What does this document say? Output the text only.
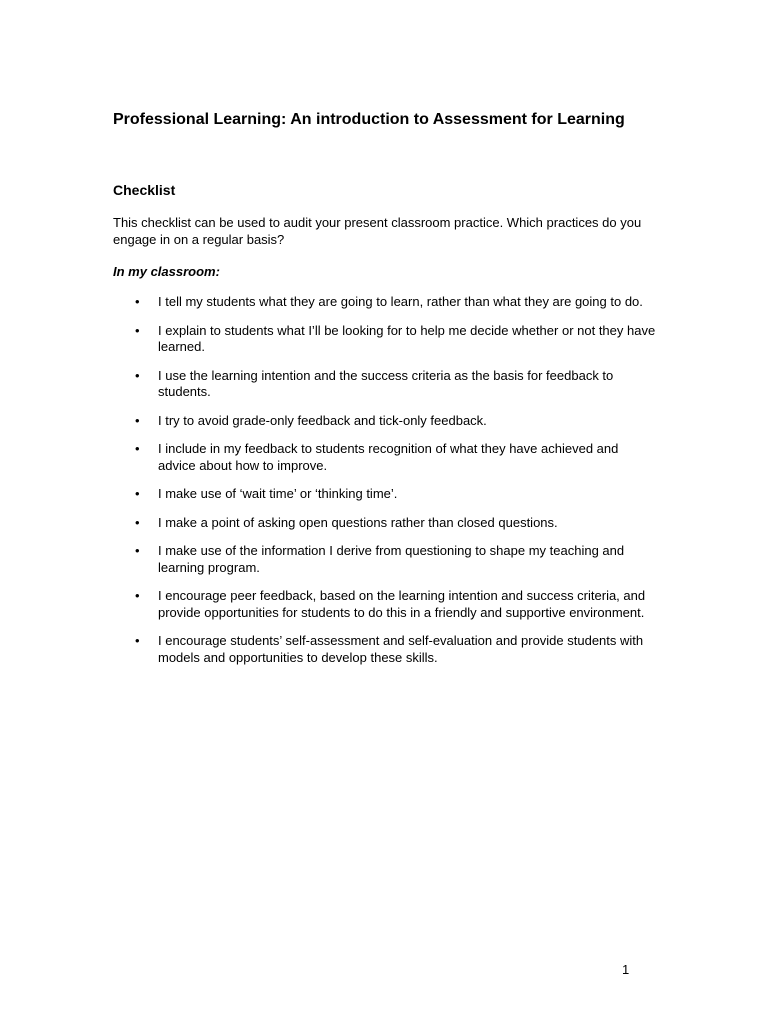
Professional Learning: An introduction to Assessment for Learning
Checklist

This checklist can be used to audit your present classroom practice. Which practices do you engage in on a regular basis?

In my classroom:

• I tell my students what they are going to learn, rather than what they are going to do.
• I explain to students what I’ll be looking for to help me decide whether or not they have learned.
• I use the learning intention and the success criteria as the basis for feedback to students.
• I try to avoid grade-only feedback and tick-only feedback.
• I include in my feedback to students recognition of what they have achieved and advice about how to improve.
• I make use of ‘wait time’ or ‘thinking time’.
• I make a point of asking open questions rather than closed questions.
• I make use of the information I derive from questioning to shape my teaching and learning program.
• I encourage peer feedback, based on the learning intention and success criteria, and provide opportunities for students to do this in a friendly and supportive environment.
• I encourage students’ self-assessment and self-evaluation and provide students with models and opportunities to develop these skills.
1
